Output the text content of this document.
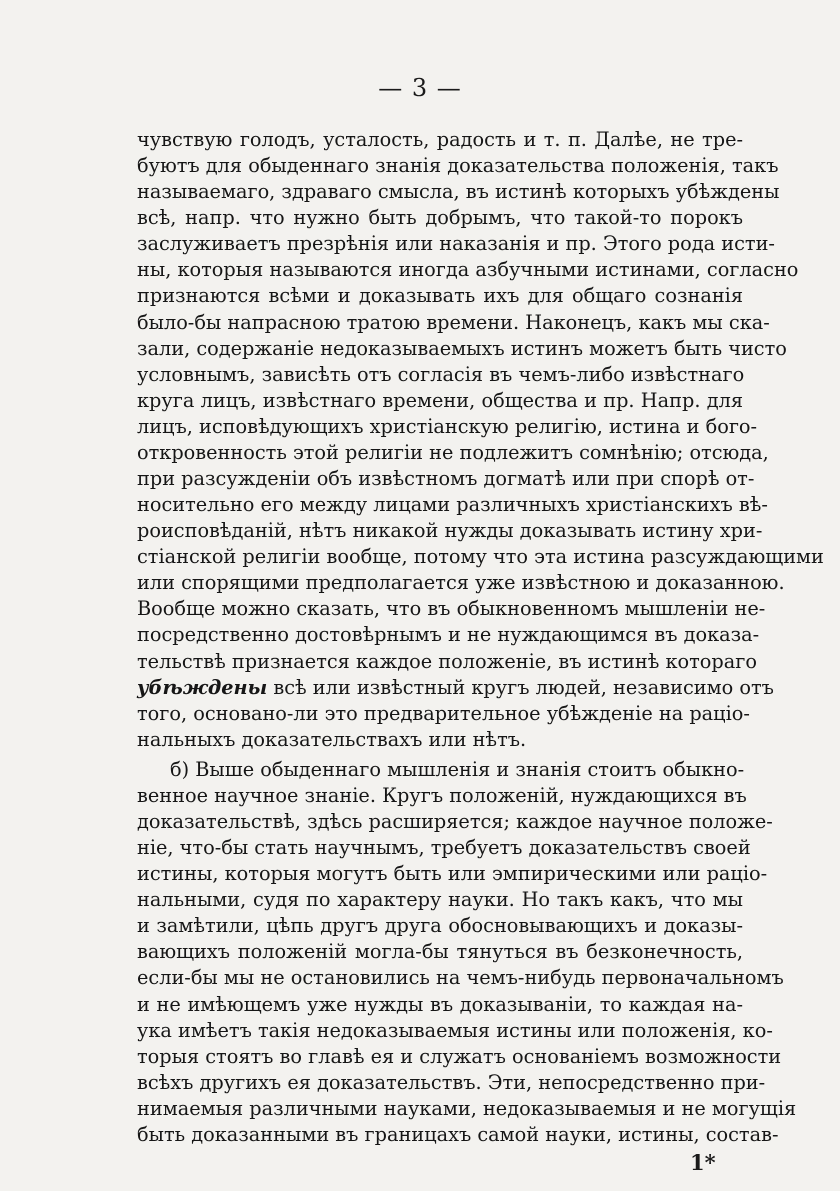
— 3 —
чувствую голодъ, усталость, радость и т. п. Далѣе, не тре-
буютъ для обыденнаго знанія доказательства положенія, такъ
называемаго, здраваго смысла, въ истинѣ которыхъ убѣждены
всѣ, напр. что нужно быть добрымъ, что такой-то порокъ
заслуживаетъ презрѣнія или наказанія и пр. Этого рода исти-
ны, которыя называются иногда азбучными истинами, согласно
признаются всѣми и доказывать ихъ для общаго сознанія
было-бы напрасною тратою времени. Наконецъ, какъ мы ска-
зали, содержаніе недоказываемыхъ истинъ можетъ быть чисто
условнымъ, зависѣть отъ согласія въ чемъ-либо извѣстнаго
круга лицъ, извѣстнаго времени, общества и пр. Напр. для
лицъ, исповѣдующихъ христіанскую религію, истина и бого-
откровенность этой религіи не подлежитъ сомнѣнію; отсюда,
при разсужденіи объ извѣстномъ догматѣ или при спорѣ от-
носительно его между лицами различныхъ христіанскихъ вѣ-
роисповѣданій, нѣтъ никакой нужды доказывать истину хри-
стіанской религіи вообще, потому что эта истина разсуждающими
или спорящими предполагается уже извѣстною и доказанною.
Вообще можно сказать, что въ обыкновенномъ мышленіи не-
посредственно достовѣрнымъ и не нуждающимся въ доказа-
тельствѣ признается каждое положеніе, въ истинѣ котораго
убѣждены всѣ или извѣстный кругъ людей, независимо отъ
того, основано-ли это предварительное убѣжденіе на раціо-
нальныхъ доказательствахъ или нѣтъ.
б) Выше обыденнаго мышленія и знанія стоитъ обыкно-
венное научное знаніе. Кругъ положеній, нуждающихся въ
доказательствѣ, здѣсь расширяется; каждое научное положе-
ніе, что-бы стать научнымъ, требуетъ доказательствъ своей
истины, которыя могутъ быть или эмпирическими или раціо-
нальными, судя по характеру науки. Но такъ какъ, что мы
и замѣтили, цѣпь другъ друга обосновывающихъ и доказы-
вающихъ положеній могла-бы тянуться въ безконечность,
если-бы мы не остановились на чемъ-нибудь первоначальномъ
и не имѣющемъ уже нужды въ доказываніи, то каждая на-
ука имѣетъ такія недоказываемыя истины или положенія, ко-
торыя стоятъ во главѣ ея и служатъ основаніемъ возможности
всѣхъ другихъ ея доказательствъ. Эти, непосредственно при-
нимаемыя различными науками, недоказываемыя и не могущія
быть доказанными въ границахъ самой науки, истины, состав-
1*
